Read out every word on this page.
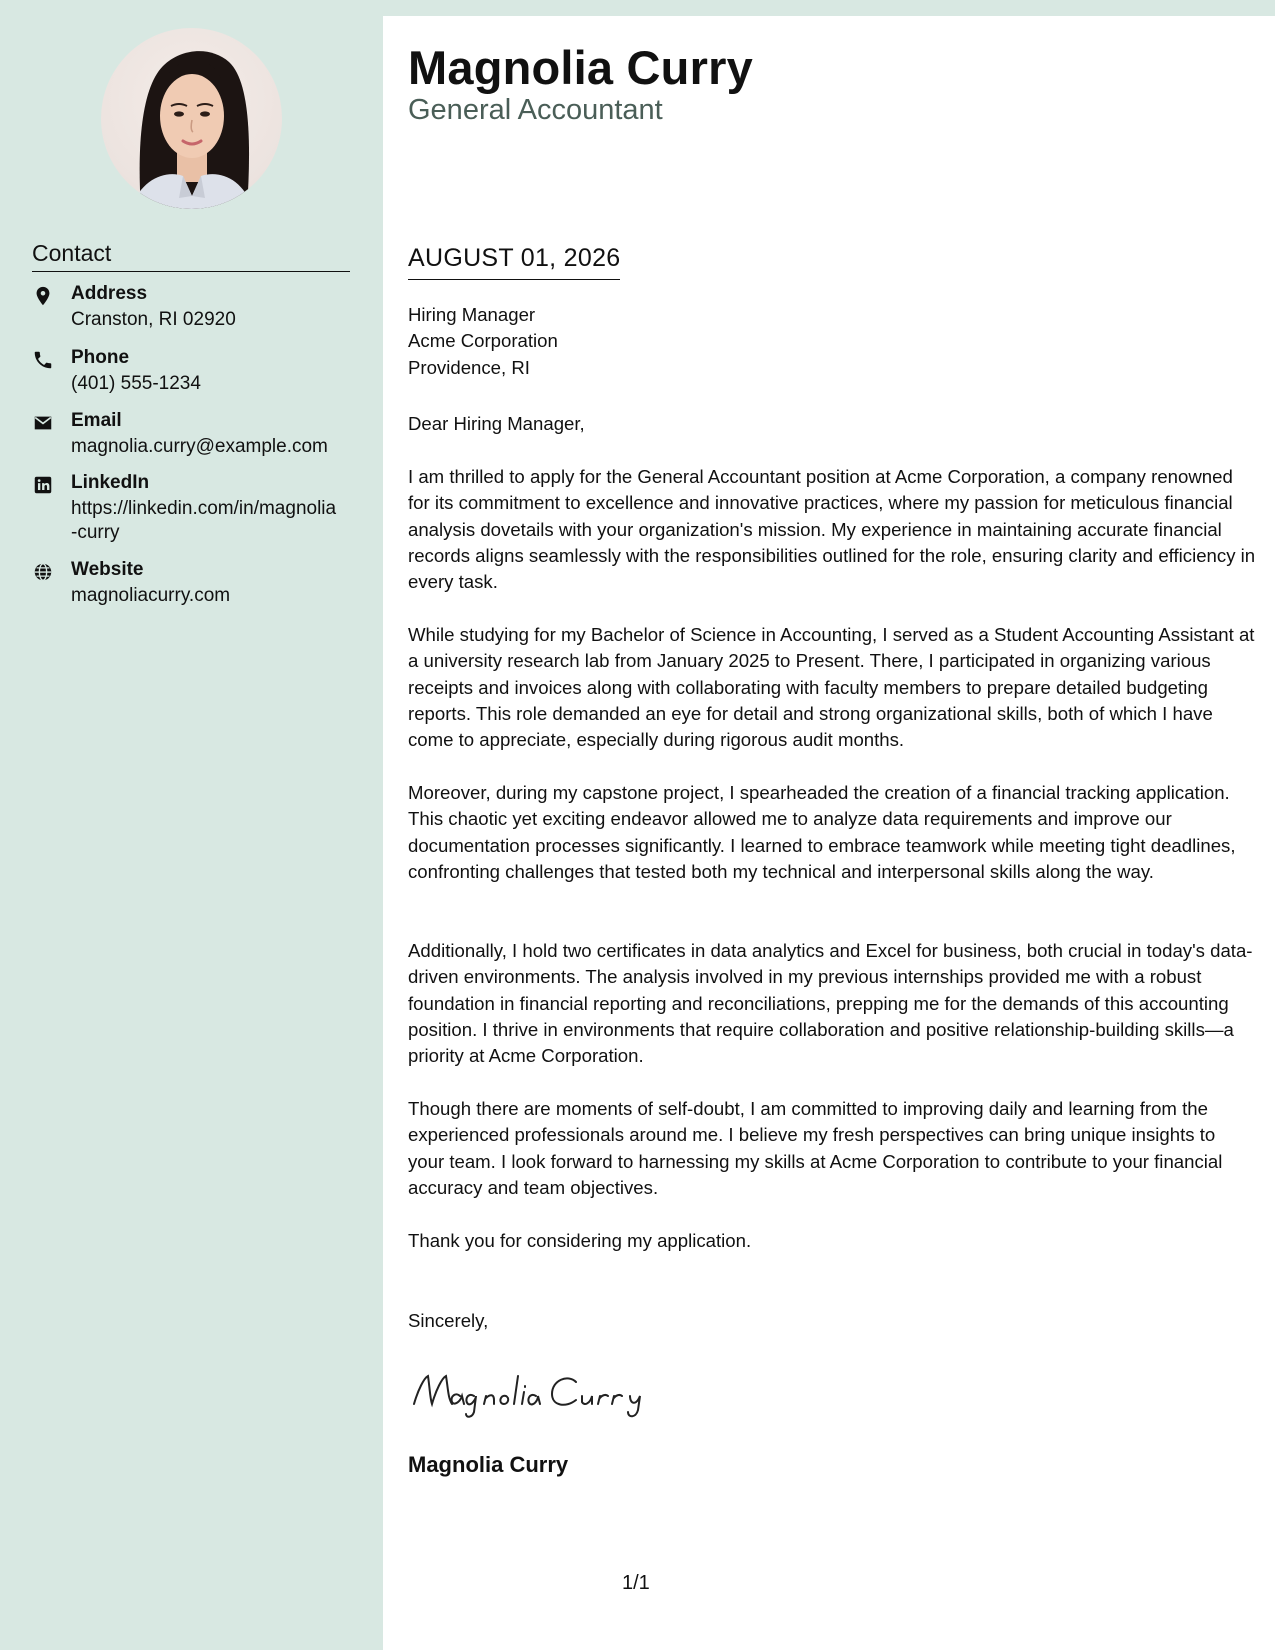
Contact
Address
Cranston, RI 02920
Phone
(401) 555-1234
Email
magnolia.curry@example.com
LinkedIn
https://linkedin.com/in/magnolia
-curry
Website
magnoliacurry.com
Magnolia Curry
General Accountant
AUGUST 01, 2026
Hiring Manager
Acme Corporation
Providence, RI
Dear Hiring Manager,

I am thrilled to apply for the General Accountant position at Acme Corporation, a company renowned for its commitment to excellence and innovative practices, where my passion for meticulous financial analysis dovetails with your organization's mission. My experience in maintaining accurate financial records aligns seamlessly with the responsibilities outlined for the role, ensuring clarity and efficiency in every task.

While studying for my Bachelor of Science in Accounting, I served as a Student Accounting Assistant at a university research lab from January 2025 to Present. There, I participated in organizing various receipts and invoices along with collaborating with faculty members to prepare detailed budgeting reports. This role demanded an eye for detail and strong organizational skills, both of which I have come to appreciate, especially during rigorous audit months.

Moreover, during my capstone project, I spearheaded the creation of a financial tracking application. This chaotic yet exciting endeavor allowed me to analyze data requirements and improve our documentation processes significantly. I learned to embrace teamwork while meeting tight deadlines, confronting challenges that tested both my technical and interpersonal skills along the way.

Additionally, I hold two certificates in data analytics and Excel for business, both crucial in today's data-driven environments. The analysis involved in my previous internships provided me with a robust foundation in financial reporting and reconciliations, prepping me for the demands of this accounting position. I thrive in environments that require collaboration and positive relationship-building skills—a priority at Acme Corporation.

Though there are moments of self-doubt, I am committed to improving daily and learning from the experienced professionals around me. I believe my fresh perspectives can bring unique insights to your team. I look forward to harnessing my skills at Acme Corporation to contribute to your financial accuracy and team objectives.

Thank you for considering my application.

Sincerely,
Magnolia Curry
1/1
